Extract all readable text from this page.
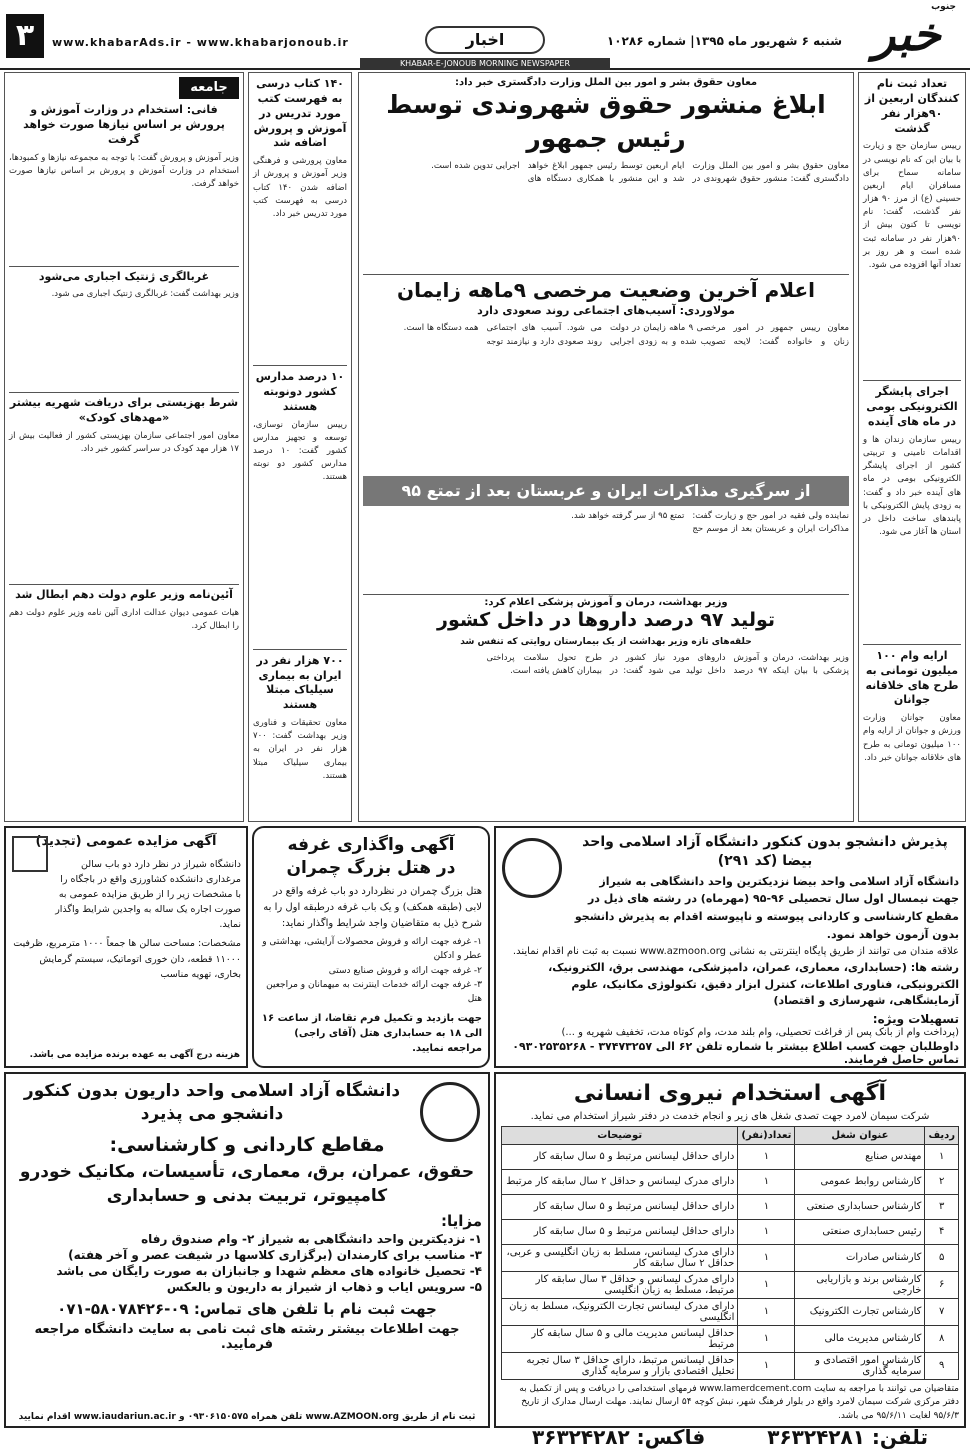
خبر
جنوب
شنبه ۶ شهریور ماه ۱۳۹۵| شماره ۱۰۲۸۶
اخبار
www.khabarAds.ir - www.khabarjonoub.ir
۳
KHABAR-E-JONOUB MORNING NEWSPAPER
تعداد ثبت نام کنندگان اربعین از ۹۰هزار نفر گذشت
رییس سازمان حج و زیارت با بیان این که نام نویسی در سامانه سماح برای مسافران ایام اربعین حسینی (ع) از مرز ۹۰ هزار نفر گذشت، گفت: نام نویسی تا کنون بیش از ۹۰هزار نفر در سامانه ثبت شده است و هر روز بر تعداد آنها افزوده می شود.
اجرای پایشگر الکترونیکی بومی در ماه های آینده
رییس سازمان زندان ها و اقدامات تامینی و تربیتی کشور از اجرای پایشگر الکترونیکی بومی در ماه های آینده خبر داد و گفت: به زودی پایش الکترونیکی با پابندهای ساخت داخل در استان ها آغاز می شود.
ارایه وام ۱۰۰ میلیون تومانی به طرح های خلاقانه جوانان
معاون جوانان وزارت ورزش و جوانان از ارایه وام ۱۰۰ میلیون تومانی به طرح های خلاقانه جوانان خبر داد.
معاون حقوق بشر و امور بین الملل وزارت دادگستری خبر داد:
ابلاغ منشور حقوق شهروندی توسط رئیس جمهور
معاون حقوق بشر و امور بین الملل وزارت دادگستری گفت: منشور حقوق شهروندی در ایام اربعین توسط رئیس جمهور ابلاغ خواهد شد و این منشور با همکاری دستگاه های اجرایی تدوین شده است.
اعلام آخرین وضعیت مرخصی ۹ماهه زایمان
مولاوردی: آسیب‌های اجتماعی روند صعودی دارد
معاون رییس جمهور در امور زنان و خانواده گفت: لایحه مرخصی ۹ ماهه زایمان در دولت تصویب شده و به زودی اجرایی می شود. آسیب های اجتماعی روند صعودی دارد و نیازمند توجه همه دستگاه ها است.
از سرگیری مذاکرات ایران و عربستان بعد از تمتع ۹۵
نماینده ولی فقیه در امور حج و زیارت گفت: مذاکرات ایران و عربستان بعد از موسم حج تمتع ۹۵ از سر گرفته خواهد شد.
وزیر بهداشت، درمان و آموزش پزشکی اعلام کرد:
تولید ۹۷ درصد داروها در داخل کشور
حلقه‌های تازه وزیر بهداشت از یک بیمارستان روایتی که تنفس شد
وزیر بهداشت، درمان و آموزش پزشکی با بیان اینکه ۹۷ درصد داروهای مورد نیاز کشور در داخل تولید می شود گفت: در طرح تحول سلامت پرداختی بیماران کاهش یافته است.
۱۴۰ کتاب درسی به فهرست کتب مورد تدریس در آموزش و پرورش اضافه شد
معاون پرورشی و فرهنگی وزیر آموزش و پرورش از اضافه شدن ۱۴۰ کتاب درسی به فهرست کتب مورد تدریس خبر داد.
۱۰ درصد مدارس کشور دونوبته هستند
رییس سازمان نوسازی، توسعه و تجهیز مدارس کشور گفت: ۱۰ درصد مدارس کشور دو نوبته هستند.
۷۰۰ هزار نفر در ایران به بیماری سیلیاک مبتلا هستند
معاون تحقیقات و فناوری وزیر بهداشت گفت: ۷۰۰ هزار نفر در ایران به بیماری سیلیاک مبتلا هستند.
جامعه
فانی: استخدام در وزارت آموزش و پرورش بر اساس نیازها صورت خواهد گرفت
وزیر آموزش و پرورش گفت: با توجه به مجموعه نیازها و کمبودها، استخدام در وزارت آموزش و پرورش بر اساس نیازها صورت خواهد گرفت.
غربالگری ژنتیک اجباری می‌شود
وزیر بهداشت گفت: غربالگری ژنتیک اجباری می شود.
شرط بهزیستی برای دریافت شهریه بیشتر «مهدهای کودک»
معاون امور اجتماعی سازمان بهزیستی کشور از فعالیت بیش از ۱۷ هزار مهد کودک در سراسر کشور خبر داد.
آئین‌نامه وزیر علوم دولت دهم ابطال شد
هیات عمومی دیوان عدالت اداری آئین نامه وزیر علوم دولت دهم را ابطال کرد.
پذیرش دانشجو بدون کنکور دانشگاه آزاد اسلامی واحد بیضا (کد ۲۹۱)
دانشگاه آزاد اسلامی واحد بیضا نزدیکترین واحد دانشگاهی به شیراز جهت نیمسال اول سال تحصیلی ۹۶-۹۵ (مهرماه) در رشته های ذیل در مقطع کارشناسی و کاردانی پیوسته و ناپیوسته اقدام به پذیرش دانشجو بدون آزمون خواهد نمود.
علاقه مندان می توانند از طریق پایگاه اینترنتی به نشانی www.azmoon.org نسبت به ثبت نام اقدام نمایند.
رشته ها: (حسابداری، معماری، عمران، دامپزشکی، مهندسی برق، الکترونیک، الکترونیکی، فناوری اطلاعات، کنترل ابزار دقیق، تکنولوژی مکانیک، علوم آزمایشگاهی، شهرسازی و اقتصاد)
تسهیلات ویژه:
(پرداخت وام از بانک پس از فراغت تحصیلی، وام بلند مدت، وام کوتاه مدت، تخفیف شهریه و ...)
داوطلبان جهت کسب اطلاع بیشتر با شماره تلفن ۶۲ الی ۳۷۴۷۳۲۵۷ - ۰۹۳۰۲۵۳۵۲۶۸ تماس حاصل فرمایند.
آگهی واگذاری غرفه
در هتل بزرگ چمران
هتل بزرگ چمران در نظردارد دو باب غرفه واقع در لابی (طبقه همکف) و یک باب غرفه درطبقه اول را به شرح ذیل به متقاضیان واجد شرایط واگذار نماید:
۱- غرفه جهت ارائه و فروش محصولات آرایشی، بهداشتی و عطر و ادکلن
۲- غرفه جهت ارائه و فروش صنایع دستی
۳- غرفه جهت ارائه خدمات اینترنت به میهمانان و مراجعین هتل
جهت بازدید و تکمیل فرم تقاضا، از ساعت ۱۶ الی ۱۸ به حسابداری هتل (آقای راجی) مراجعه نمایید.
آگهی مزایده عمومی (تجدید)
دانشگاه شیراز در نظر دارد دو باب سالن مرغداری دانشکده کشاورزی واقع در باجگاه را با مشخصات زیر را از طریق مزایده عمومی به صورت اجاره یک ساله به واجدین شرایط واگذار نماید.
مشخصات: مساحت سالن ها جمعاً ۱۰۰۰ مترمربع، ظرفیت ۱۱۰۰۰ قطعه، دان خوری اتوماتیک، سیستم گرمایش بخاری، تهویه مناسب
هزینه درج آگهی به عهده برنده مزایده می باشد.
دانشگاه آزاد اسلامی واحد داریون بدون کنکور دانشجو می پذیرد
مقاطع کاردانی و کارشناسی:
حقوق، عمران، برق، معماری، تأسیسات، مکانیک خودرو
کامپیوتر، تربیت بدنی و حسابداری
مزایا:
۱- نزدیکترین واحد دانشگاهی به شیراز ۲- وام صندوق رفاه
۳- مناسب برای کارمندان (برگزاری کلاسها در شیفت عصر و آخر هفته)
۴- تحصیل خانواده های معظم شهدا و جانبازان به صورت رایگان می باشد
۵- سرویس ایاب و ذهاب از شیراز به داریون و بالعکس
جهت ثبت نام با تلفن های تماس: ۰۹-۵۸۰۷۸۴۲۶-۰۷۱
جهت اطلاعات بیشتر رشته های ثبت نامی به سایت دانشگاه مراجعه فرمایید.
ثبت نام از طریق www.AZMOON.org تلفن همراه ۰۹۳۰۶۱۵۰۵۷۵ و www.iaudariun.ac.ir اقدام نمایید
آگهی استخدام نیروی انسانی
شرکت سیمان لامرد جهت تصدی شغل های زیر و انجام خدمت در دفتر شیراز استخدام می نماید.
ردیف	عنوان شغل	تعداد(نفر)	توضیحات
۱	مهندس صنایع	۱	دارای حداقل لیسانس مرتبط و ۵ سال سابقه کار
۲	کارشناس روابط عمومی	۱	دارای مدرک لیسانس و حداقل ۲ سال سابقه کار مرتبط
۳	کارشناس حسابداری صنعتی	۱	دارای حداقل لیسانس مرتبط و ۵ سال سابقه کار
۴	رئیس حسابداری صنعتی	۱	دارای حداقل لیسانس مرتبط و ۵ سال سابقه کار
۵	کارشناس صادرات	۱	دارای مدرک لیسانس، مسلط به زبان انگلیسی و عربی، حداقل ۲ سال سابقه کار
۶	کارشناس برند و بازاریابی خارجی	۱	دارای مدرک لیسانس و حداقل ۳ سال سابقه کار مرتبط، مسلط به زبان انگلیسی
۷	کارشناس تجارت الکترونیک	۱	دارای مدرک لیسانس تجارت الکترونیک، مسلط به زبان انگلیسی
۸	کارشناس مدیریت مالی	۱	حداقل لیسانس مدیریت مالی و ۵ سال سابقه کار مرتبط
۹	کارشناس امور اقتصادی و سرمایه گذاری	۱	حداقل لیسانس مرتبط، دارای حداقل ۳ سال تجربه تحلیل اقتصادی بازار و سرمایه گذاری
متقاضیان می توانند با مراجعه به سایت www.lamerdcement.com فرمهای استخدامی را دریافت و پس از تکمیل به دفتر مرکزی شرکت سیمان لامرد واقع در بلوار فرهنگ شهر، نبش کوچه ۵۴ ارسال نمایند. مهلت ارسال مدارک از تاریخ ۹۵/۶/۳ لغایت ۹۵/۶/۱۱ می باشد.
تلفن: ۳۶۳۲۴۲۸۱
فاکس: ۳۶۳۲۴۲۸۲
